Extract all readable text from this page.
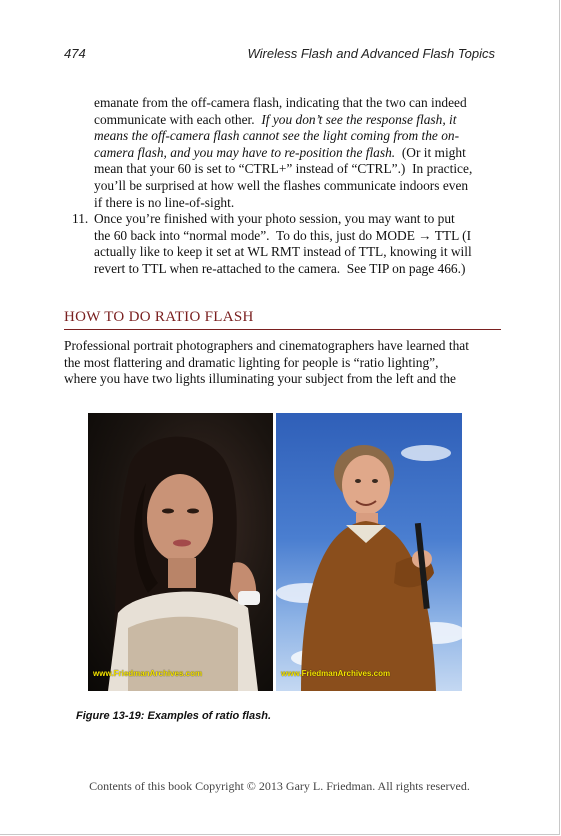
474	Wireless Flash and Advanced Flash Topics
emanate from the off-camera flash, indicating that the two can indeed
communicate with each other.  If you don’t see the response flash, it
means the off-camera flash cannot see the light coming from the on-
camera flash, and you may have to re-position the flash.  (Or it might
mean that your 60 is set to “CTRL+” instead of “CTRL”.)  In practice,
you’ll be surprised at how well the flashes communicate indoors even
if there is no line-of-sight.
11. Once you’re finished with your photo session, you may want to put
the 60 back into “normal mode”.  To do this, just do MODE → TTL (I
actually like to keep it set at WL RMT instead of TTL, knowing it will
revert to TTL when re-attached to the camera.  See TIP on page 466.)
HOW TO DO RATIO FLASH
Professional portrait photographers and cinematographers have learned that
the most flattering and dramatic lighting for people is “ratio lighting”,
where you have two lights illuminating your subject from the left and the
www.FriedmanArchives.com	www.FriedmanArchives.com
Figure 13-19: Examples of ratio flash.
Contents of this book Copyright © 2013 Gary L. Friedman. All rights reserved.
